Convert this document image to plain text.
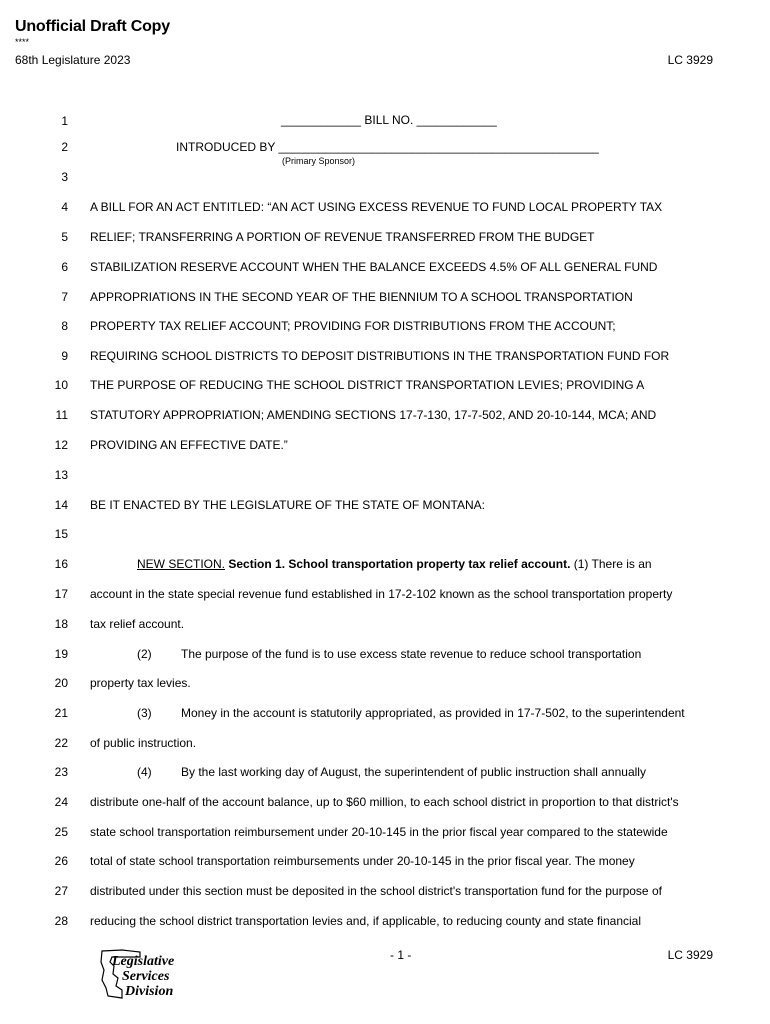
Unofficial Draft Copy
****
68th Legislature 2023	LC 3929
1
2
3
4
5
6
7
8
9
10
11
12
13
14
15
16
17
18
19
20
21
22
23
24
25
26
27
28
____________ BILL NO. ____________
INTRODUCED BY ________________________________________________
(Primary Sponsor)
A BILL FOR AN ACT ENTITLED: “AN ACT USING EXCESS REVENUE TO FUND LOCAL PROPERTY TAX
RELIEF; TRANSFERRING A PORTION OF REVENUE TRANSFERRED FROM THE BUDGET
STABILIZATION RESERVE ACCOUNT WHEN THE BALANCE EXCEEDS 4.5% OF ALL GENERAL FUND
APPROPRIATIONS IN THE SECOND YEAR OF THE BIENNIUM TO A SCHOOL TRANSPORTATION
PROPERTY TAX RELIEF ACCOUNT; PROVIDING FOR DISTRIBUTIONS FROM THE ACCOUNT;
REQUIRING SCHOOL DISTRICTS TO DEPOSIT DISTRIBUTIONS IN THE TRANSPORTATION FUND FOR
THE PURPOSE OF REDUCING THE SCHOOL DISTRICT TRANSPORTATION LEVIES; PROVIDING A
STATUTORY APPROPRIATION; AMENDING SECTIONS 17-7-130, 17-7-502, AND 20-10-144, MCA; AND
PROVIDING AN EFFECTIVE DATE.”
BE IT ENACTED BY THE LEGISLATURE OF THE STATE OF MONTANA:
NEW SECTION. Section 1. School transportation property tax relief account. (1) There is an
account in the state special revenue fund established in 17-2-102 known as the school transportation property
tax relief account.
(2) The purpose of the fund is to use excess state revenue to reduce school transportation
property tax levies.
(3) Money in the account is statutorily appropriated, as provided in 17-7-502, to the superintendent
of public instruction.
(4) By the last working day of August, the superintendent of public instruction shall annually
distribute one-half of the account balance, up to $60 million, to each school district in proportion to that district's
state school transportation reimbursement under 20-10-145 in the prior fiscal year compared to the statewide
total of state school transportation reimbursements under 20-10-145 in the prior fiscal year. The money
distributed under this section must be deposited in the school district's transportation fund for the purpose of
reducing the school district transportation levies and, if applicable, to reducing county and state financial
Legislative
Services
Division
- 1 -	LC 3929
